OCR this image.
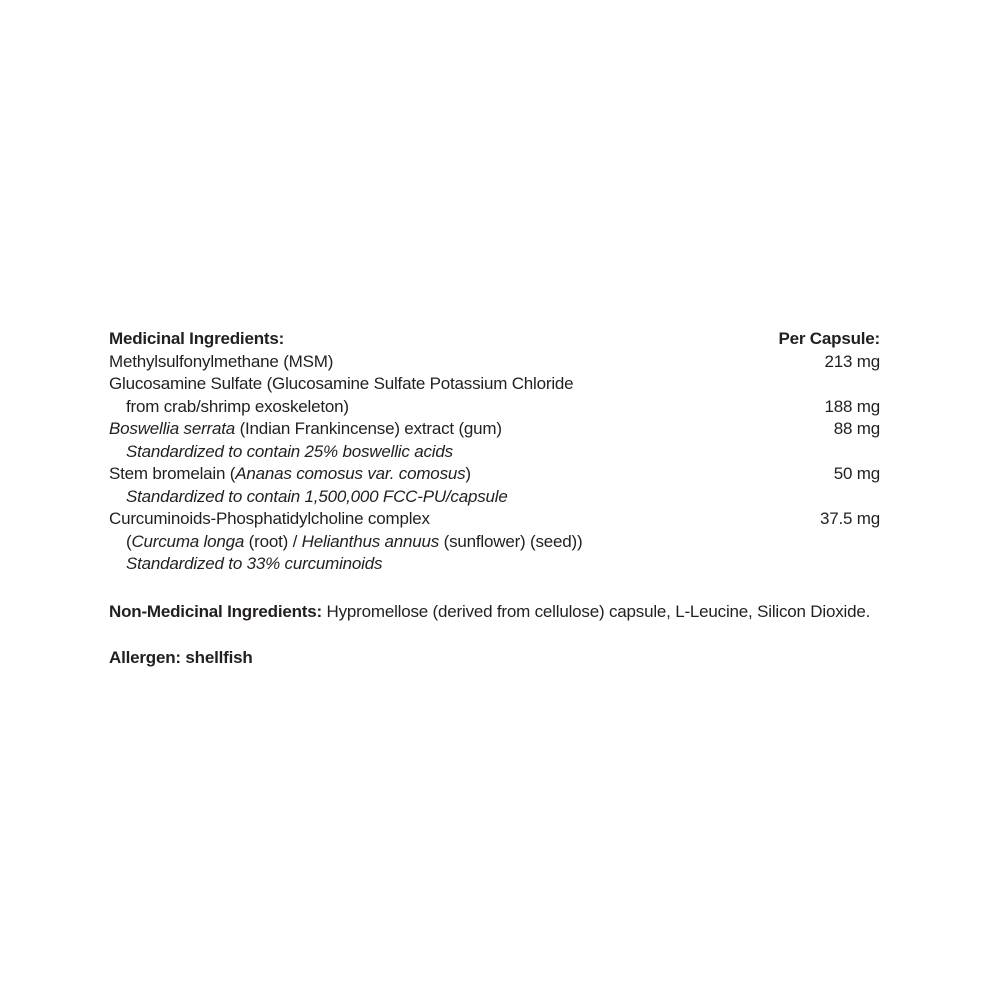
Medicinal Ingredients:	Per Capsule:
Methylsulfonylmethane (MSM)	213 mg
Glucosamine Sulfate (Glucosamine Sulfate Potassium Chloride
from crab/shrimp exoskeleton)	188 mg
Boswellia serrata (Indian Frankincense) extract (gum)	88 mg
Standardized to contain 25% boswellic acids
Stem bromelain (Ananas comosus var. comosus)	50 mg
Standardized to contain 1,500,000 FCC-PU/capsule
Curcuminoids-Phosphatidylcholine complex	37.5 mg
(Curcuma longa (root) / Helianthus annuus (sunflower) (seed))
Standardized to 33% curcuminoids
Non-Medicinal Ingredients: Hypromellose (derived from cellulose) capsule, L-Leucine, Silicon Dioxide.
Allergen: shellfish
